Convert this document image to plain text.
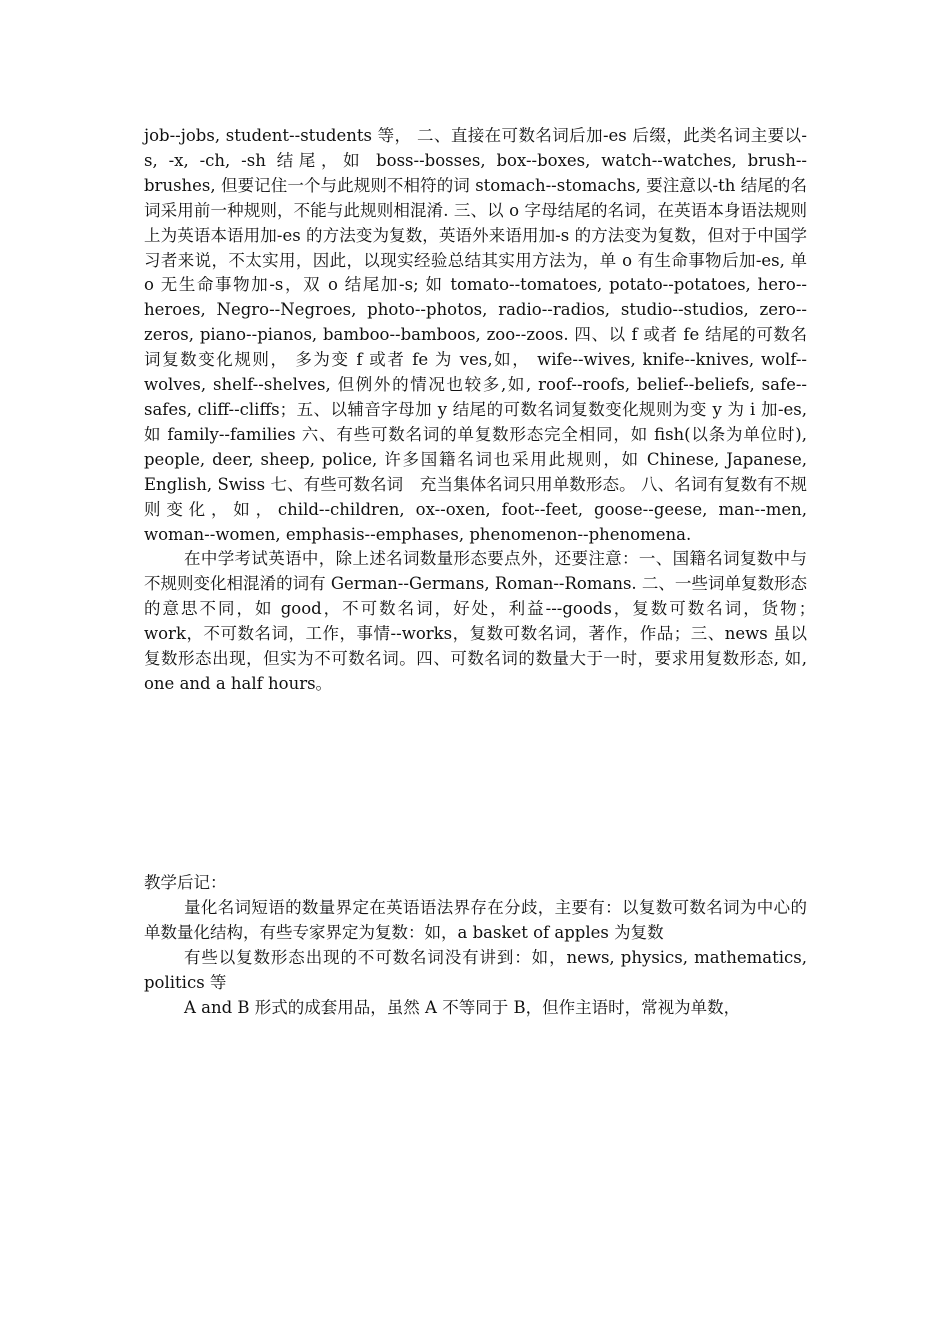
job--jobs, student--students 等， 二、直接在可数名词后加-es 后缀，此类名词主要以-s, -x, -ch, -sh 结尾，如 boss--bosses, box--boxes, watch--watches, brush--brushes, 但要记住一个与此规则不相符的词 stomach--stomachs, 要注意以-th 结尾的名词采用前一种规则，不能与此规则相混淆. 三、以 o 字母结尾的名词，在英语本身语法规则上为英语本语用加-es 的方法变为复数，英语外来语用加-s 的方法变为复数，但对于中国学习者来说，不太实用，因此，以现实经验总结其实用方法为，单 o 有生命事物后加-es, 单 o 无生命事物加-s，双 o 结尾加-s; 如 tomato--tomatoes, potato--potatoes, hero--heroes, Negro--Negroes, photo--photos, radio--radios, studio--studios, zero--zeros, piano--pianos, bamboo--bamboos, zoo--zoos. 四、以 f 或者 fe 结尾的可数名词复数变化规则， 多为变 f 或者 fe 为 ves,如， wife--wives, knife--knives, wolf--wolves, shelf--shelves, 但例外的情况也较多,如, roof--roofs, belief--beliefs, safe--safes, cliff--cliffs；五、以辅音字母加 y 结尾的可数名词复数变化规则为变 y 为 i 加-es, 如 family--families 六、有些可数名词的单复数形态完全相同，如 fish(以条为单位时), people, deer, sheep, police, 许多国籍名词也采用此规则，如 Chinese, Japanese, English, Swiss 七、有些可数名词　充当集体名词只用单数形态。 八、名词有复数有不规则变化，如，child--children, ox--oxen, foot--feet, goose--geese, man--men, woman--women, emphasis--emphases, phenomenon--phenomena.

在中学考试英语中，除上述名词数量形态要点外，还要注意：一、国籍名词复数中与不规则变化相混淆的词有 German--Germans, Roman--Romans. 二、一些词单复数形态的意思不同，如 good，不可数名词，好处，利益---goods，复数可数名词，货物；　work，不可数名词，工作，事情--works，复数可数名词，著作，作品；三、news 虽以复数形态出现，但实为不可数名词。四、可数名词的数量大于一时，要求用复数形态, 如, one and a half hours。

教学后记：

量化名词短语的数量界定在英语语法界存在分歧，主要有：以复数可数名词为中心的单数量化结构，有些专家界定为复数：如，a basket of apples 为复数

有些以复数形态出现的不可数名词没有讲到：如，news, physics, mathematics, politics 等

A and B 形式的成套用品，虽然 A 不等同于 B，但作主语时，常视为单数，
